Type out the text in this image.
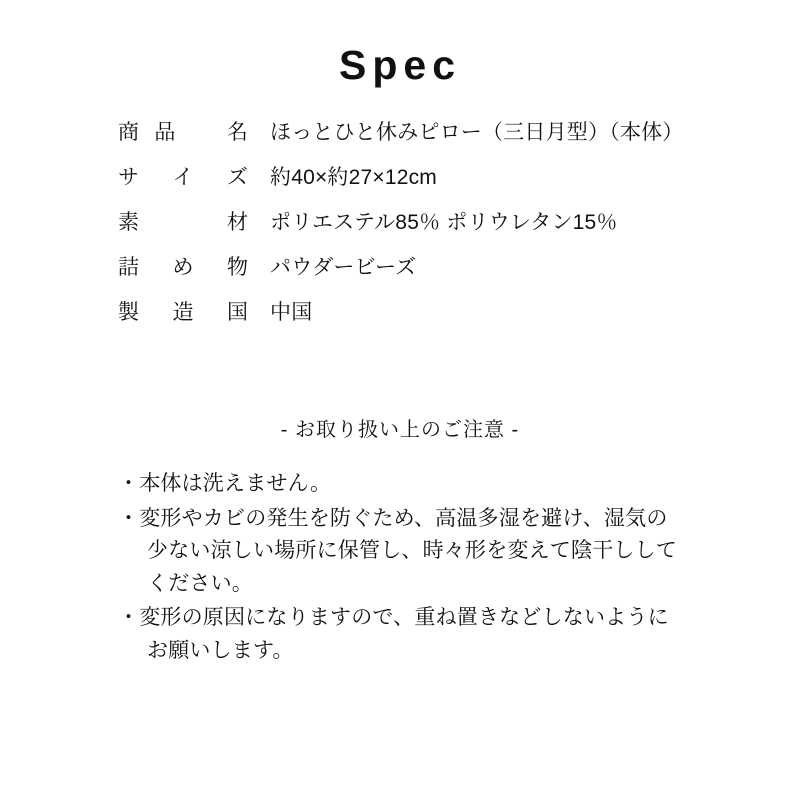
Spec
商品　名	ほっとひと休みピロー（三日月型）（本体）
サ イ ズ	約40×約27×12cm
素　　材	ポリエステル85％ ポリウレタン15％
詰 め 物	パウダービーズ
製 造 国	中国
- お取り扱い上のご注意 -
・本体は洗えません。
・変形やカビの発生を防ぐため、高温多湿を避け、湿気の
少ない涼しい場所に保管し、時々形を変えて陰干しして
ください。
・変形の原因になりますので、重ね置きなどしないように
お願いします。
